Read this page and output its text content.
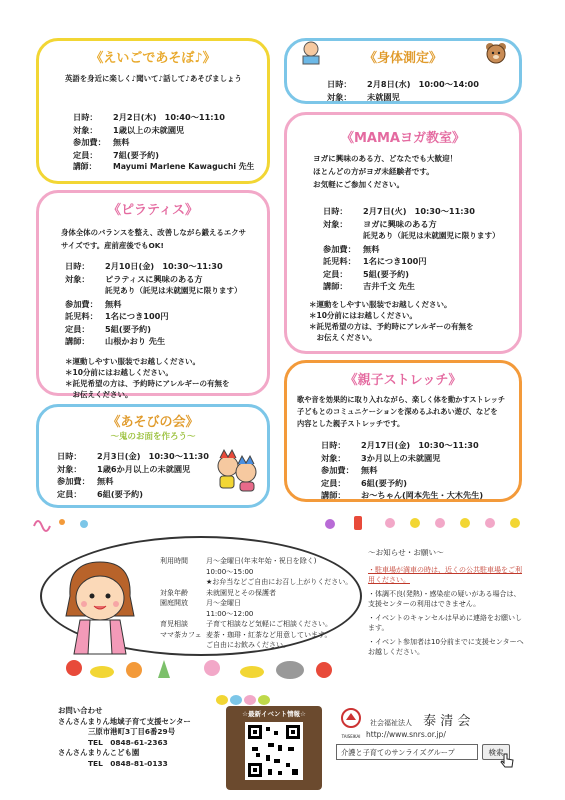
《えいごであそぼ♪》
英語を身近に楽しく♪聞いて♪話して♪あそびましょう
日時： 2月2日(木)　10:40～11:10
対象： 1歳以上の未就園児
参加費： 無料
定員： 7組(要予約)
講師： Mayumi Marlene Kawaguchi 先生
《身体測定》
日時： 2月8日(水)　10:00～14:00
対象： 未就園児
《MAMAヨガ教室》
ヨガに興味のある方、どなたでも大歓迎！
ほとんどの方がヨガ未経験者です。
お気軽にご参加ください。
日時： 2月7日(火)　10:30～11:30
対象： ヨガに興味のある方
託児あり（託児は未就園児に限ります）
参加費： 無料
託児料： 1名につき100円
定員： 5組(要予約)
講師： 吉井千文 先生
＊運動をしやすい服装でお越しください。
＊10分前にはお越しください。
＊託児希望の方は、予約時にアレルギーの有無を
　お伝えください。
《ピラティス》
身体全体のバランスを整え、改善しながら鍛えるエクサ
サイズです。産前産後でもOK!
日時： 2月10日(金)　10:30～11:30
対象： ピラティスに興味のある方
託児あり（託児は未就園児に限ります）
参加費： 無料
託児料： 1名につき100円
定員： 5組(要予約)
講師： 山根かおり 先生
＊運動しやすい服装でお越しください。
＊10分前にはお越しください。
＊託児希望の方は、予約時にアレルギーの有無を
　お伝えください。
《親子ストレッチ》
歌や音を効果的に取り入れながら、楽しく体を動かすストレッチ
子どもとのコミュニケーションを深めるふれあい遊び、などを
内容とした親子ストレッチです。
日時： 2月17日(金)　10:30～11:30
対象： 3か月以上の未就園児
参加費： 無料
定員： 6組(要予約)
講師： お～ちゃん(岡本先生・大木先生)
《あそびの会》
～鬼のお面を作ろう～
日時： 2月3日(金)　10:30～11:30
対象： 1歳6か月以上の未就園児
参加費： 無料
定員： 6組(要予約)
利用時間	月～金曜日(年末年始・祝日を除く)
10:00～15:00
★お弁当などご自由にお召し上がりください。
対象年齢	未就園児とその保護者
園庭開放	月～金曜日
11:00～12:00
育児相談	子育て相談など気軽にご相談ください。
ママ茶カフェ 麦茶・珈琲・紅茶など用意しています。
ご自由にお飲みください。
～お知らせ・お願い～
・駐車場が満車の時は、近くの公共駐車場をご利用ください。
・体調不良(発熱)・感染症の疑いがある場合は、支援センターの利用はできません。
・イベントのキャンセルは早めに連絡をお願いします。
・イベント参加者は10分前までに支援センターへお越しください。
お問い合わせ
さんさんまりん地域子育て支援センター
三原市港町3丁目6番29号
TEL　0848-61-2363
さんさんまりんこども園
TEL　0848-81-0133
☆最新イベント情報☆
TAISEIKAI
社会福祉法人 泰 清 会
http://www.snrs.or.jp/
介護と子育てのサンライズグループ	検索
